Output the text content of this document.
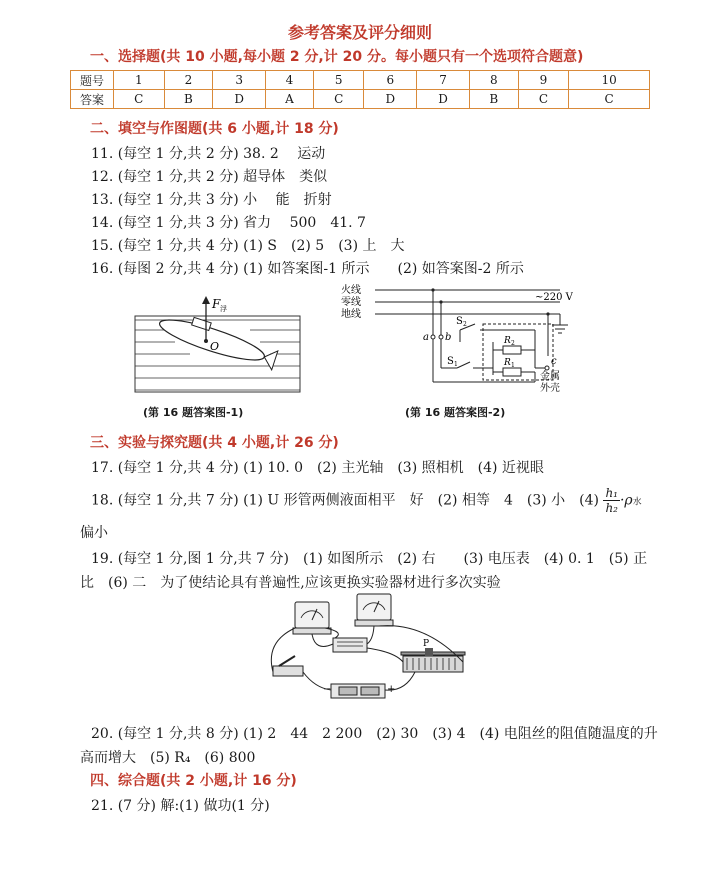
参考答案及评分细则
一、选择题(共 10 小题,每小题 2 分,计 20 分。每小题只有一个选项符合题意)
题号	1	2	3	4	5	6	7	8	9	10
答案	C	B	D	A	C	D	D	B	C	C
二、填空与作图题(共 6 小题,计 18 分)
11. (每空 1 分,共 2 分) 38. 2　 运动
12. (每空 1 分,共 2 分) 超导体　类似
13. (每空 1 分,共 3 分) 小　 能　折射
14. (每空 1 分,共 3 分) 省力　 500　41. 7
15. (每空 1 分,共 4 分) (1) S　(2) 5　(3) 上　大
16. (每图 2 分,共 4 分) (1) 如答案图-1 所示　　(2) 如答案图-2 所示
F 浮
O
(第 16 题答案图-1)
火线
零线
地线
~220 V
a b
c
S 1
S 2
R 2
R 1
金属
外壳
(第 16 题答案图-2)
三、实验与探究题(共 4 小题,计 26 分)
17. (每空 1 分,共 4 分) (1) 10. 0　(2) 主光轴　(3) 照相机　(4) 近视眼
18. (每空 1 分,共 7 分) (1) U 形管两侧液面相平　好　(2) 相等　4　(3) 小　$(4) \frac{\text{h₁}}{\text{h₂}} \cdot\rho$水
偏小
19. (每空 1 分,图 1 分,共 7 分)　(1) 如图所示　(2) 右　　(3) 电压表　(4) 0. 1　(5) 正
比　(6) 二　为了使结论具有普遍性,应该更换实验器材进行多次实验
P
−	+
20. (每空 1 分,共 8 分) (1) 2　44　2 200　(2) 30　(3) 4　(4) 电阻丝的阻值随温度的升
高而增大　(5) R₄　(6) 800
四、综合题(共 2 小题,计 16 分)
21. (7 分) 解:(1) 做功(1 分)
